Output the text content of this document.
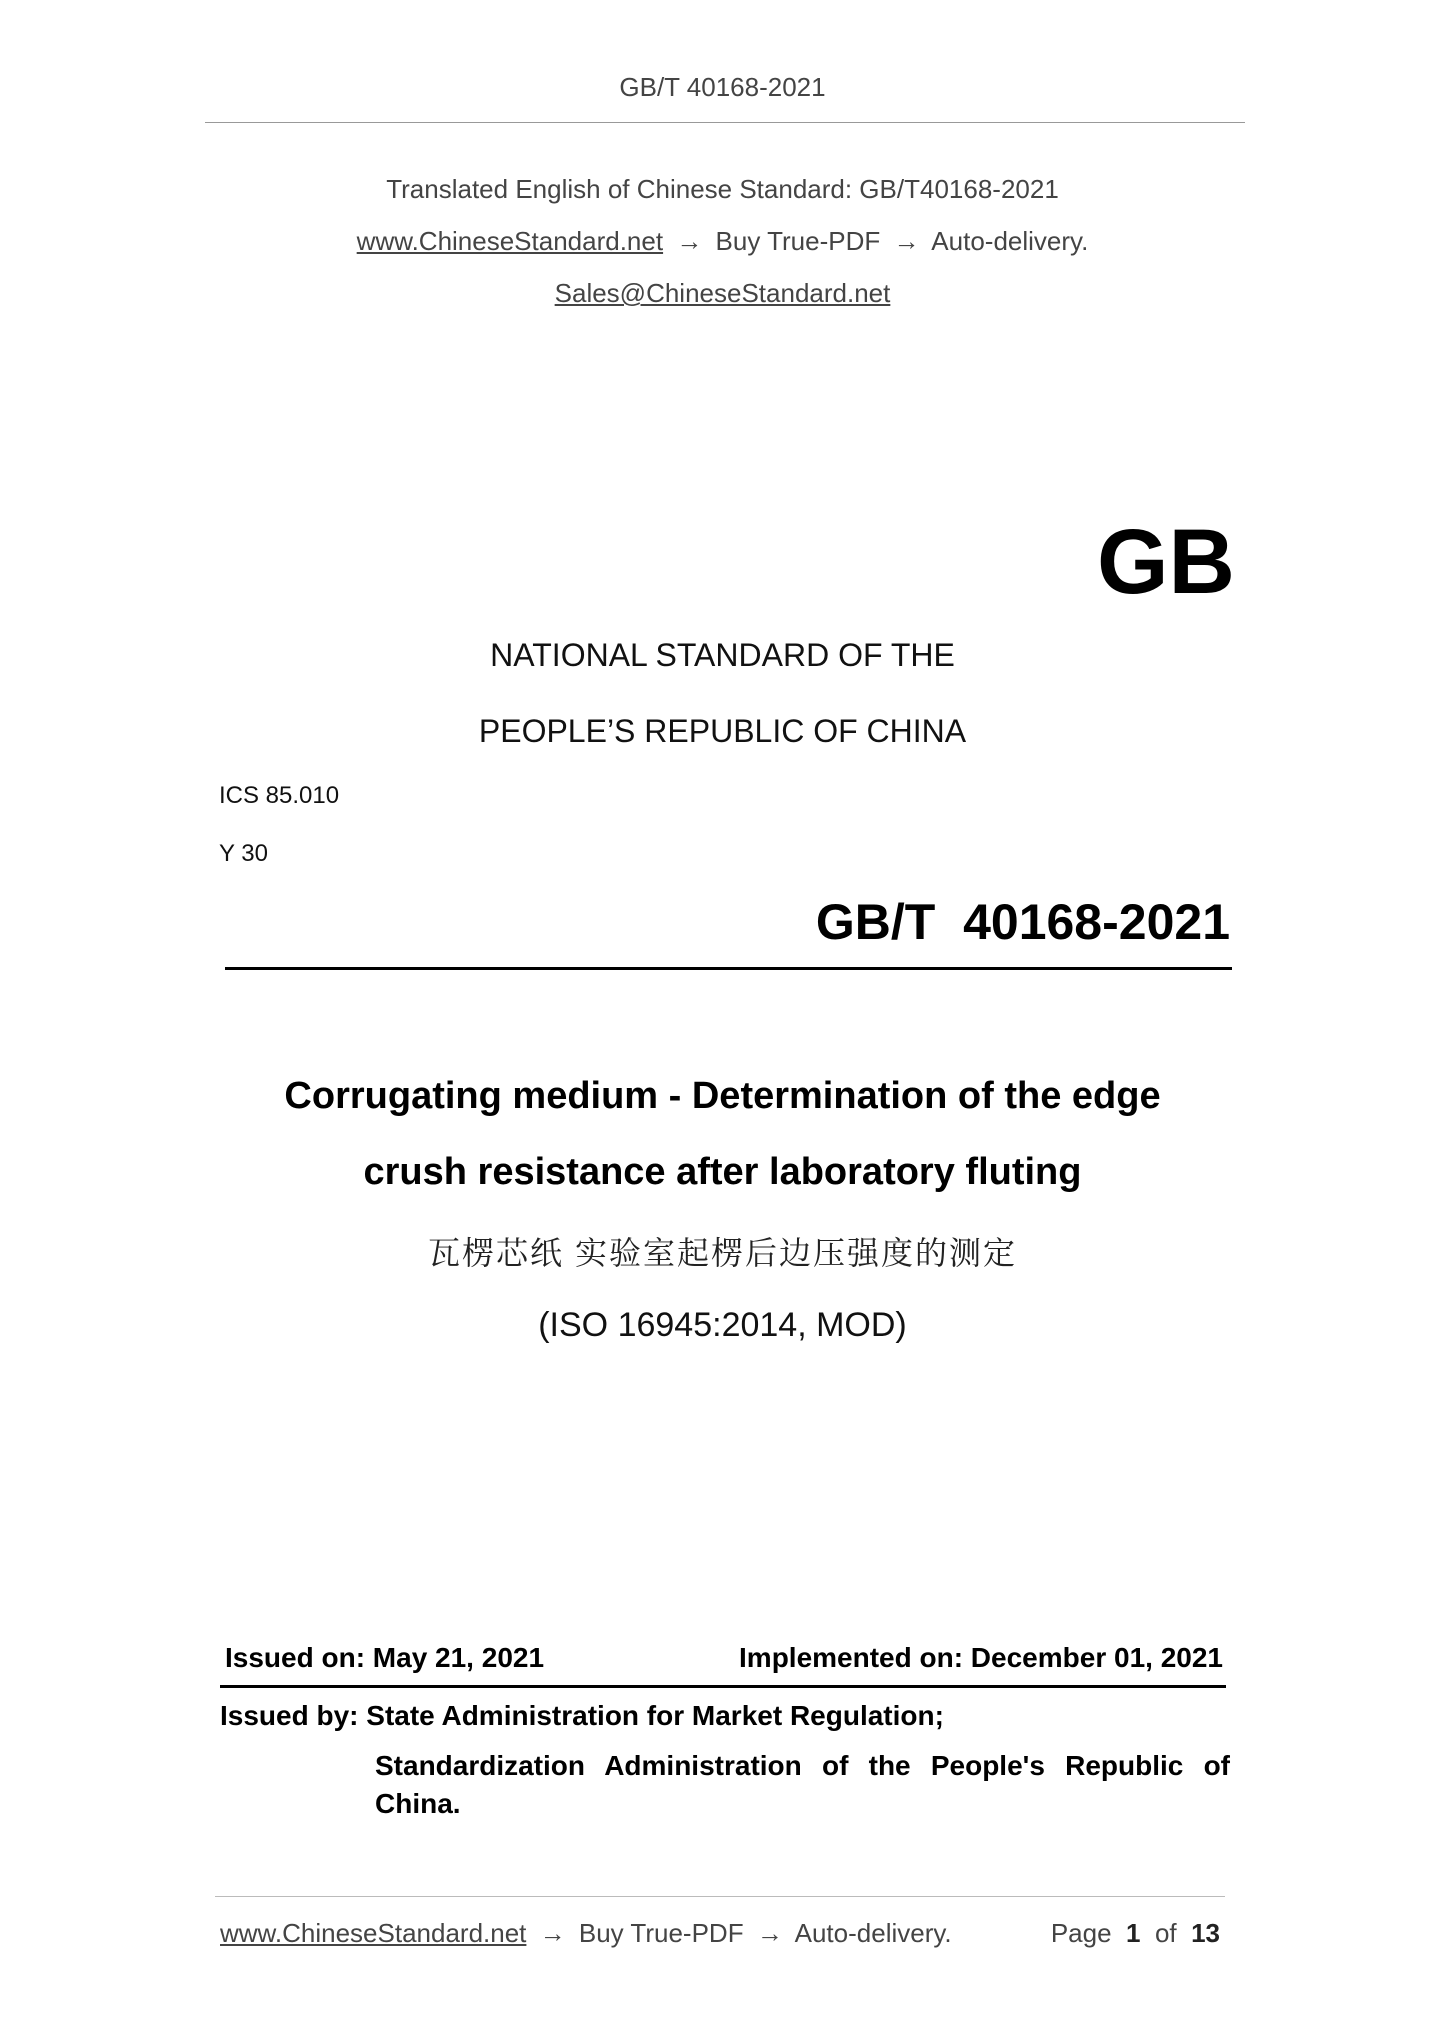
GB/T 40168-2021
Translated English of Chinese Standard: GB/T40168-2021
www.ChineseStandard.net → Buy True-PDF → Auto-delivery.
Sales@ChineseStandard.net
GB
NATIONAL STANDARD OF THE
PEOPLE’S REPUBLIC OF CHINA
ICS 85.010
Y 30
GB/T  40168-2021
Corrugating medium - Determination of the edge
crush resistance after laboratory fluting
瓦楞芯纸 实验室起楞后边压强度的测定
(ISO 16945:2014, MOD)
Issued on: May 21, 2021	Implemented on: December 01, 2021
Issued by: State Administration for Market Regulation;
Standardization Administration of the People's Republic of China.
www.ChineseStandard.net → Buy True-PDF → Auto-delivery.	Page 1 of 13
